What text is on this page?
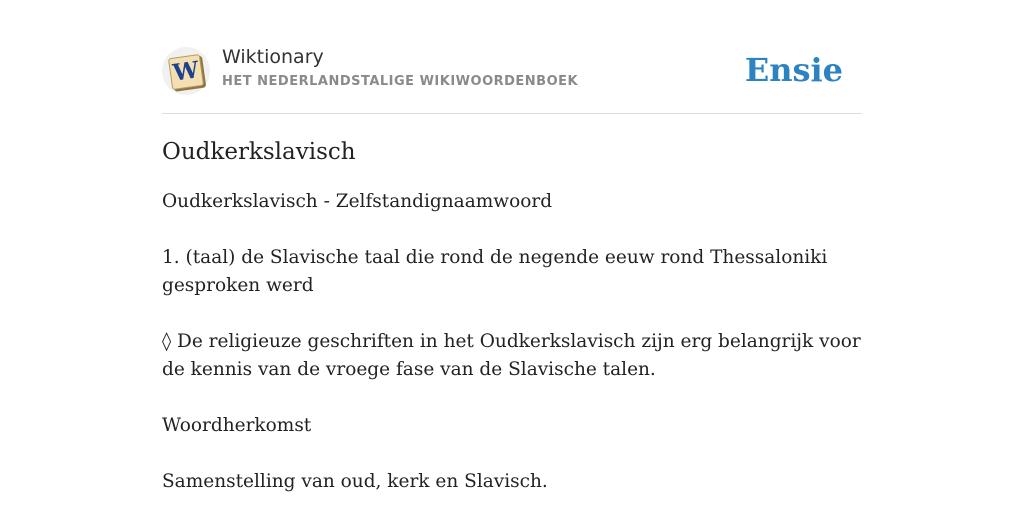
W Wiktionary
HET NEDERLANDSTALIGE WIKIWOORDENBOEK	Ensie
Oudkerkslavisch

Oudkerkslavisch - Zelfstandignaamwoord

1. (taal) de Slavische taal die rond de negende eeuw rond Thessaloniki gesproken werd

◊ De religieuze geschriften in het Oudkerkslavisch zijn erg belangrijk voor de kennis van de vroege fase van de Slavische talen.

Woordherkomst

Samenstelling van oud, kerk en Slavisch.
